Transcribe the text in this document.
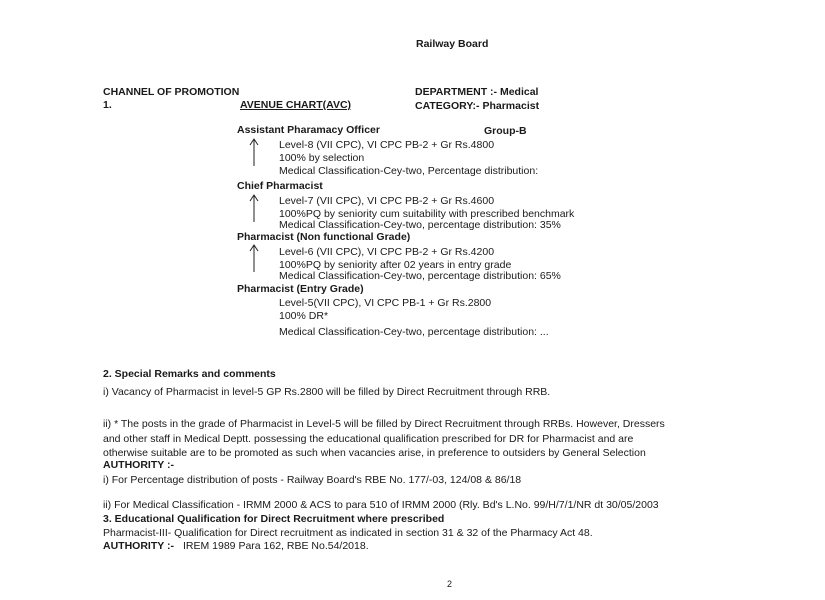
Railway Board
CHANNEL OF PROMOTION
1.	AVENUE CHART(AVC)
DEPARTMENT :- Medical
CATEGORY:- Pharmacist
Assistant Pharamacy Officer	Group-B
Level-8 (VII CPC), VI CPC PB-2 + Gr Rs.4800
100% by selection
Medical Classification-Cey-two, Percentage distribution:
Chief Pharmacist
Level-7 (VII CPC), VI CPC PB-2 + Gr Rs.4600
100%PQ by seniority cum suitability with prescribed benchmark
Medical Classification-Cey-two, percentage distribution: 35%
Pharmacist (Non functional Grade)
Level-6 (VII CPC), VI CPC PB-2 + Gr Rs.4200
100%PQ by seniority after 02 years in entry grade
Medical Classification-Cey-two, percentage distribution: 65%
Pharmacist (Entry Grade)
Level-5(VII CPC), VI CPC PB-1 + Gr Rs.2800
100% DR*
Medical Classification-Cey-two, percentage distribution: ...
2. Special Remarks and comments
i) Vacancy of Pharmacist in level-5 GP Rs.2800 will be filled by Direct Recruitment through RRB.
ii) * The posts in the grade of Pharmacist in Level-5 will be filled by Direct Recruitment through RRBs. However, Dressers
and other staff in Medical Deptt. possessing the educational qualification prescribed for DR for Pharmacist and are
otherwise suitable are to be promoted as such when vacancies arise, in preference to outsiders by General Selection
AUTHORITY :-
i) For Percentage distribution of posts - Railway Board's RBE No. 177/-03, 124/08 & 86/18
ii) For Medical Classification - IRMM 2000 & ACS to para 510 of IRMM 2000 (Rly. Bd's L.No. 99/H/7/1/NR dt 30/05/2003
3. Educational Qualification for Direct Recruitment where prescribed
Pharmacist-III- Qualification for Direct recruitment as indicated in section 31 & 32 of the Pharmacy Act 48.
AUTHORITY :- IREM 1989 Para 162, RBE No.54/2018.
2
